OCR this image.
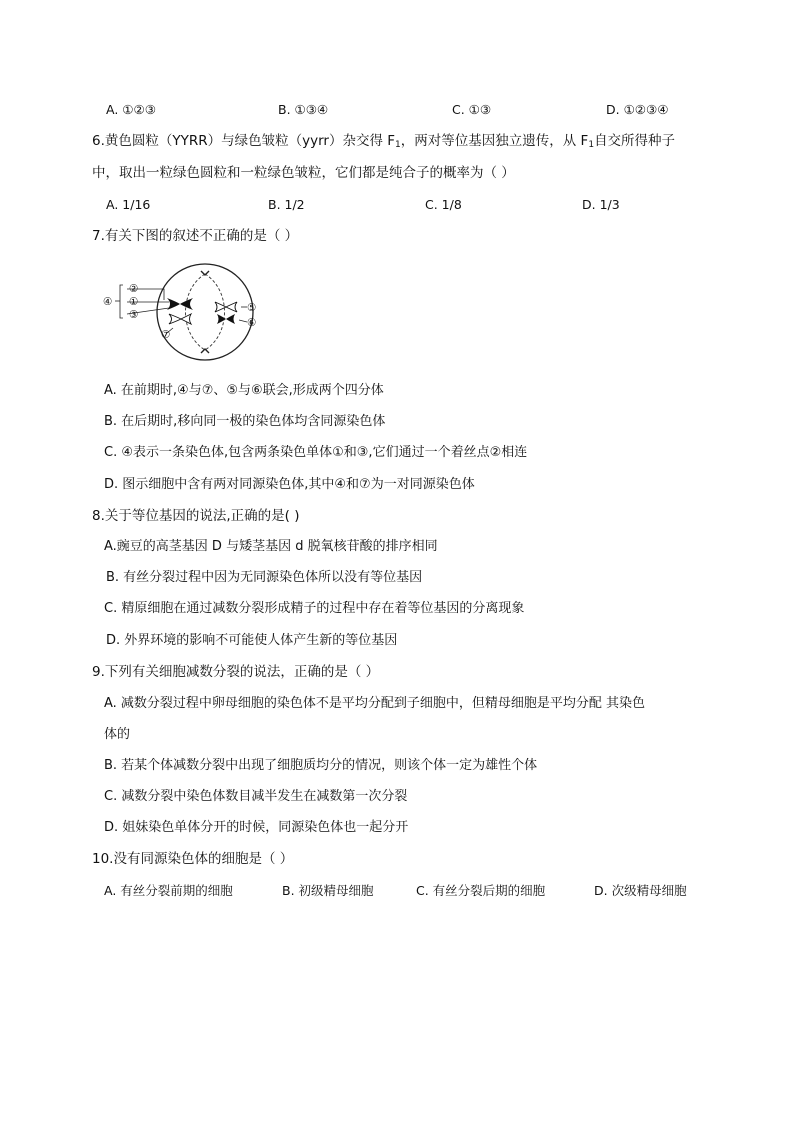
A. ①②③	B. ①③④	C. ①③	D. ①②③④
6.黄色圆粒（YYRR）与绿色皱粒（yyrr）杂交得 $F_1$，两对等位基因独立遗传，从 $F_1$自交所得种子
中，取出一粒绿色圆粒和一粒绿色皱粒，它们都是纯合子的概率为（ ）
A. 1/16	B. 1/2	C. 1/8	D. 1/3
7.有关下图的叙述不正确的是（ ）
②
④ ①
③
⑦
⑤
⑥
A. 在前期时,④与⑦、⑤与⑥联会,形成两个四分体
B. 在后期时,移向同一极的染色体均含同源染色体
C. ④表示一条染色体,包含两条染色单体①和③,它们通过一个着丝点②相连
D. 图示细胞中含有两对同源染色体,其中④和⑦为一对同源染色体
8.关于等位基因的说法,正确的是( )
A.豌豆的高茎基因 D 与矮茎基因 d 脱氧核苷酸的排序相同
B. 有丝分裂过程中因为无同源染色体所以没有等位基因
C. 精原细胞在通过减数分裂形成精子的过程中存在着等位基因的分离现象
D. 外界环境的影响不可能使人体产生新的等位基因
9.下列有关细胞减数分裂的说法，正确的是（ ）
A. 减数分裂过程中卵母细胞的染色体不是平均分配到子细胞中，但精母细胞是平均分配 其染色
体的
B. 若某个体减数分裂中出现了细胞质均分的情况，则该个体一定为雄性个体
C. 减数分裂中染色体数目减半发生在减数第一次分裂
D. 姐妹染色单体分开的时候，同源染色体也一起分开
10.没有同源染色体的细胞是（ ）
A. 有丝分裂前期的细胞	B. 初级精母细胞	C. 有丝分裂后期的细胞	D. 次级精母细胞
